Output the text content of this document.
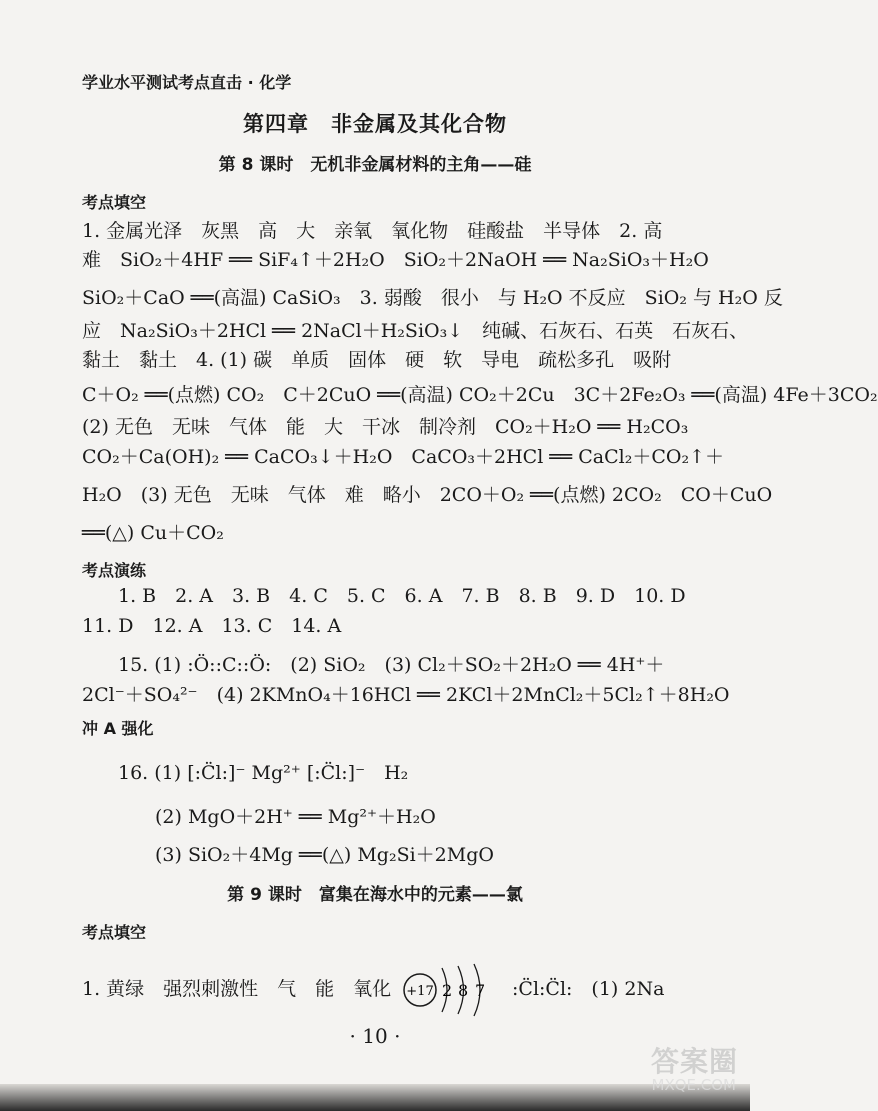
学业水平测试考点直击 · 化学
第四章　非金属及其化合物
第 8 课时　无机非金属材料的主角——硅
考点填空
1. 金属光泽　灰黑　高　大　亲氧　氧化物　硅酸盐　半导体　2. 高
难　SiO₂＋4HF ══ SiF₄↑＋2H₂O　SiO₂＋2NaOH ══ Na₂SiO₃＋H₂O
SiO₂＋CaO ══(高温) CaSiO₃　3. 弱酸　很小　与 H₂O 不反应　SiO₂ 与 H₂O 反
应　Na₂SiO₃＋2HCl ══ 2NaCl＋H₂SiO₃↓　纯碱、石灰石、石英　石灰石、
黏土　黏土　4. (1) 碳　单质　固体　硬　软　导电　疏松多孔　吸附
C＋O₂ ══(点燃) CO₂　C＋2CuO ══(高温) CO₂＋2Cu　3C＋2Fe₂O₃ ══(高温) 4Fe＋3CO₂
(2) 无色　无味　气体　能　大　干冰　制冷剂　CO₂＋H₂O ══ H₂CO₃
CO₂＋Ca(OH)₂ ══ CaCO₃↓＋H₂O　CaCO₃＋2HCl ══ CaCl₂＋CO₂↑＋
H₂O　(3) 无色　无味　气体　难　略小　2CO＋O₂ ══(点燃) 2CO₂　CO＋CuO
══(△) Cu＋CO₂
考点演练
1. B　2. A　3. B　4. C　5. C　6. A　7. B　8. B　9. D　10. D
11. D　12. A　13. C　14. A
15. (1) :Ö::C::Ö:　(2) SiO₂　(3) Cl₂＋SO₂＋2H₂O ══ 4H⁺＋
2Cl⁻＋SO₄²⁻　(4) 2KMnO₄＋16HCl ══ 2KCl＋2MnCl₂＋5Cl₂↑＋8H₂O
冲 A 强化
16. (1) [:C̈l:]⁻ Mg²⁺ [:C̈l:]⁻　H₂
(2) MgO＋2H⁺ ══ Mg²⁺＋H₂O
(3) SiO₂＋4Mg ══(△) Mg₂Si＋2MgO
第 9 课时　富集在海水中的元素——氯
考点填空
1. 黄绿　强烈刺激性　气　能　氧化 +17 2 8 7 :C̈l:C̈l:　(1) 2Na
· 10 ·
答案圈
MXQE.COM
